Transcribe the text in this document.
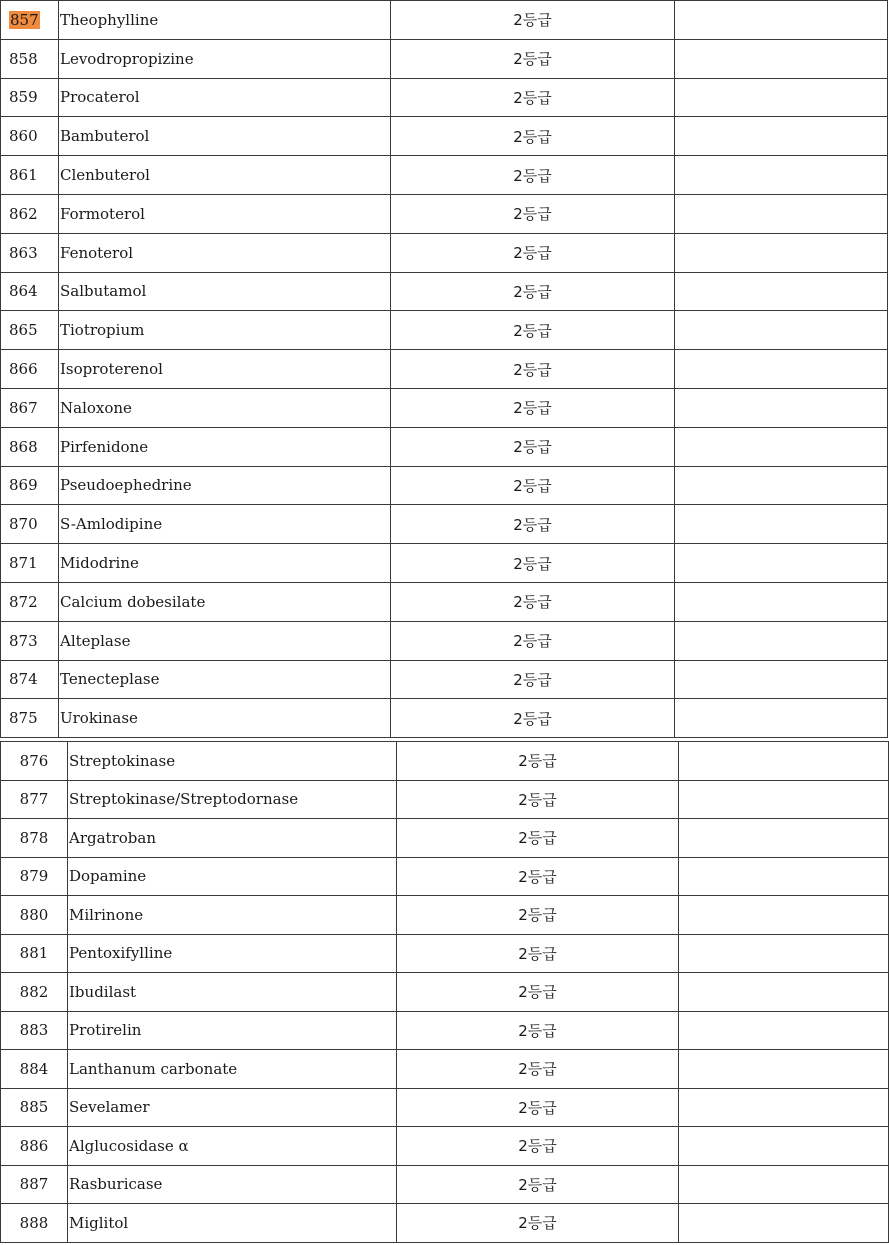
857	Theophylline	2등급	
858	Levodropropizine	2등급	
859	Procaterol	2등급	
860	Bambuterol	2등급	
861	Clenbuterol	2등급	
862	Formoterol	2등급	
863	Fenoterol	2등급	
864	Salbutamol	2등급	
865	Tiotropium	2등급	
866	Isoproterenol	2등급	
867	Naloxone	2등급	
868	Pirfenidone	2등급	
869	Pseudoephedrine	2등급	
870	S-Amlodipine	2등급	
871	Midodrine	2등급	
872	Calcium dobesilate	2등급	
873	Alteplase	2등급	
874	Tenecteplase	2등급	
875	Urokinase	2등급	
876	Streptokinase	2등급	
877	Streptokinase/Streptodornase	2등급	
878	Argatroban	2등급	
879	Dopamine	2등급	
880	Milrinone	2등급	
881	Pentoxifylline	2등급	
882	Ibudilast	2등급	
883	Protirelin	2등급	
884	Lanthanum carbonate	2등급	
885	Sevelamer	2등급	
886	Alglucosidase α	2등급	
887	Rasburicase	2등급	
888	Miglitol	2등급	
